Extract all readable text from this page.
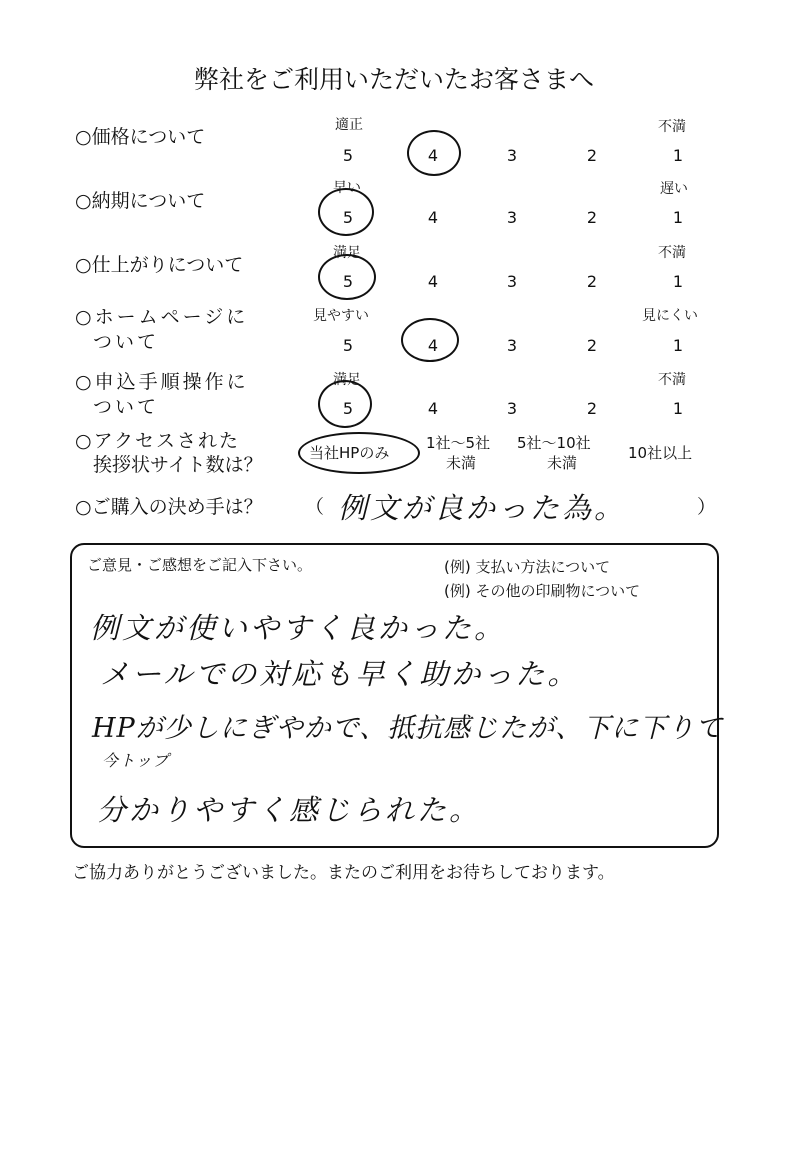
弊社をご利用いただいたお客さまへ
○価格について
適正	不満
5	4	3	2	1
○納期について
早い	遅い
5	4	3	2	1
○仕上がりについて
満足	不満
5	4	3	2	1
○ホームページに
ついて
見やすい	見にくい
5	4	3	2	1
○申込手順操作に
ついて
満足	不満
5	4	3	2	1
○アクセスされた
挨拶状サイト数は？
当社HPのみ
1社～5社
未満
5社～10社
未満
10社以上
○ご購入の決め手は？ （ 例文が良かった為。	）
ご意見・ご感想をご記入下さい。	(例) 支払い方法について
(例) その他の印刷物について
例文が使いやすく良かった。
メールでの対応も早く助かった。
HPが少しにぎやかで、抵抗感じたが、下に下りて
今トップ
分かりやすく感じられた。
ご協力ありがとうございました。またのご利用をお待ちしております。
